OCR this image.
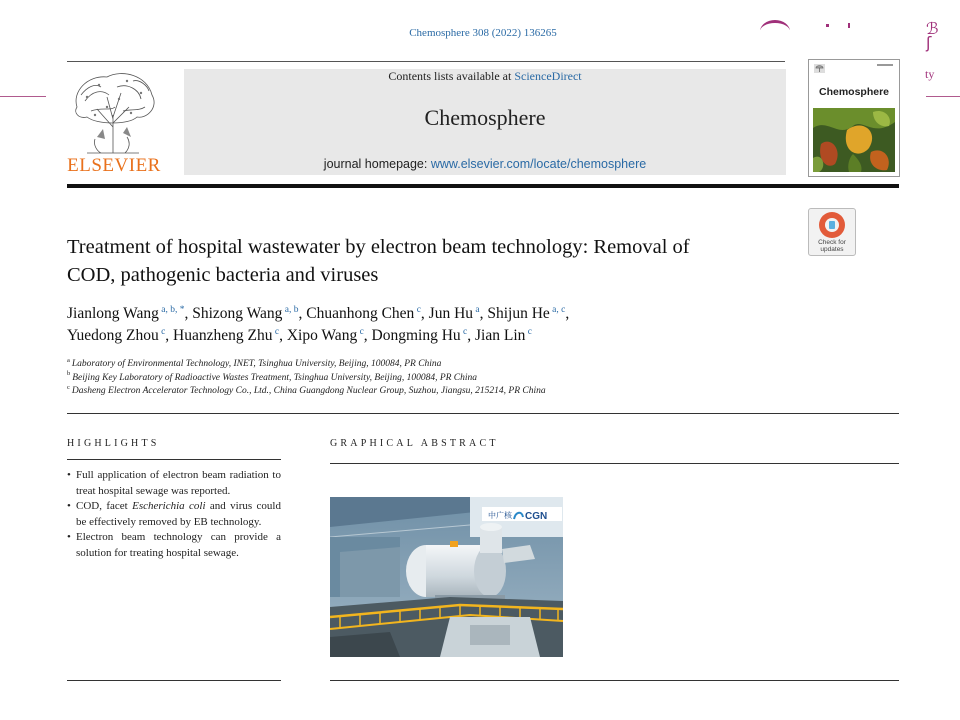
Chemosphere 308 (2022) 136265	ℬ
ʃ
ty
ELSEVIER
Contents lists available at ScienceDirect
Chemosphere
journal homepage: www.elsevier.com/locate/chemosphere
Chemosphere
Check for
updates
Treatment of hospital wastewater by electron beam technology: Removal of
COD, pathogenic bacteria and viruses
Jianlong Wang $^{a, b, *}$, Shizong Wang $^{a, b}$, Chuanhong Chen $^c$, Jun Hu $^a$, Shijun He $^{a, c}$,
Yuedong Zhou $^c$, Huanzheng Zhu $^c$, Xipo Wang $^c$, Dongming Hu $^c$, Jian Lin $^c$
$^a$ Laboratory of Environmental Technology, INET, Tsinghua University, Beijing, 100084, PR China
$^b$ Beijing Key Laboratory of Radioactive Wastes Treatment, Tsinghua University, Beijing, 100084, PR China
$^c$ Dasheng Electron Accelerator Technology Co., Ltd., China Guangdong Nuclear Group, Suzhou, Jiangsu, 215214, PR China
HIGHLIGHTS
• Full application of electron beam radiation to treat hospital sewage was reported.
• COD, facet Escherichia coli and virus could be effectively removed by EB technology.
• Electron beam technology can provide a solution for treating hospital sewage.
GRAPHICAL ABSTRACT
中广核 CGN
